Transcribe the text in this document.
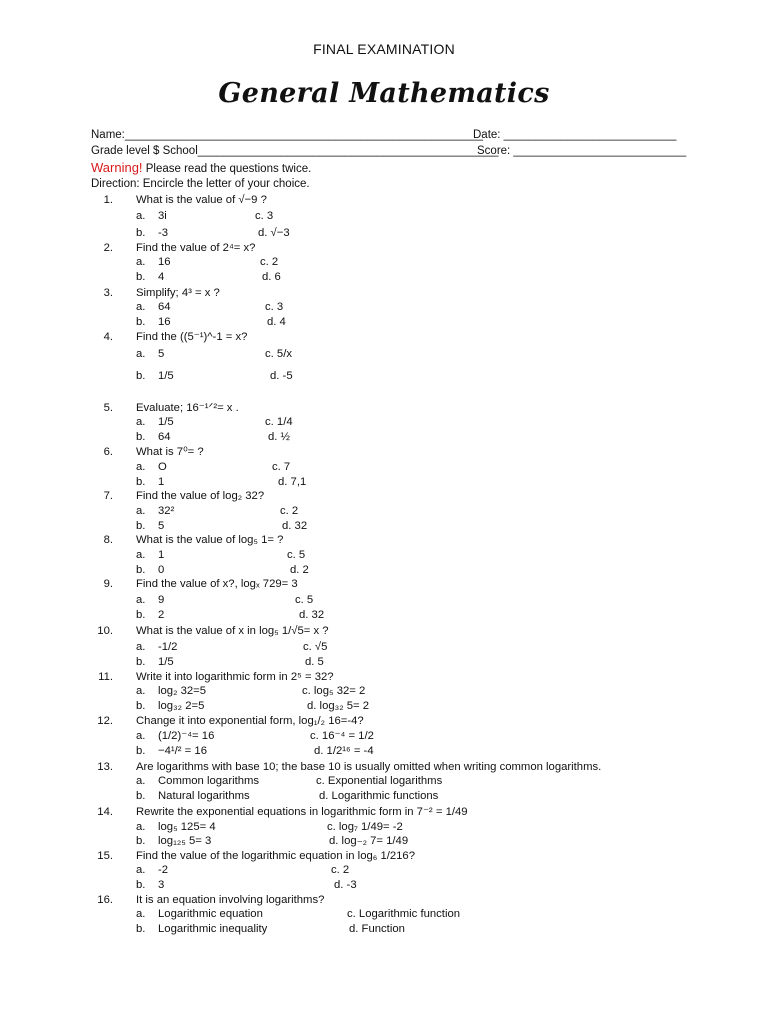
FINAL EXAMINATION
General Mathematics
Name:________________________________________________________
Date: ___________________________
Grade level $ School_______________________________________________
Score: ___________________________
Warning! Please read the questions twice.
Direction: Encircle the letter of your choice.
1. What is the value of √−9 ?
a.
b.
3i
-3
c. 3
d. √−3
2. Find the value of 2⁴= x?
a.
b.
16
4
c. 2
d. 6
3. Simplify; 4³ = x ?
a.
b.
64
16
c. 3
d. 4
4. Find the ((5⁻¹)^-1 = x?
a.
b.
5
1/5
c. 5/x
d. -5
5. Evaluate; 16⁻¹ᐟ²= x .
a.
b.
1/5
64
c. 1/4
d. ½
6. What is 7⁰= ?
a.
b.
O
1
c. 7
d. 7,1
7. Find the value of log₂ 32?
a.
b.
32²
5
c. 2
d. 32
8. What is the value of log₅ 1= ?
a.
b.
1
0
c. 5
d. 2
9. Find the value of x?, logₓ 729= 3
a.
b.
9
2
c. 5
d. 32
10. What is the value of x in log₅ 1/√5= x ?
a.
b.
-1/2
1/5
c. √5
d. 5
11. Write it into logarithmic form in 2⁵ = 32?
a.
b.
log₂ 32=5
log₃₂ 2=5
c. log₅ 32= 2
d. log₃₂ 5= 2
12. Change it into exponential form, log₁/₂ 16=-4?
a.
b.
(1/2)⁻⁴= 16
−4¹/² = 16
c. 16⁻⁴ = 1/2
d. 1/2¹⁶ = -4
13. Are logarithms with base 10; the base 10 is usually omitted when writing common logarithms.
a.
b.
Common logarithms
Natural logarithms
c. Exponential logarithms
d. Logarithmic functions
14. Rewrite the exponential equations in logarithmic form in 7⁻² = 1/49
a.
b.
log₅ 125= 4
log₁₂₅ 5= 3
c. log₇ 1/49= -2
d. log₋₂ 7= 1/49
15. Find the value of the logarithmic equation in log₆ 1/216?
a.
b.
-2
3
c. 2
d. -3
16. It is an equation involving logarithms?
a.
b.
Logarithmic equation
Logarithmic inequality
c. Logarithmic function
d. Function
